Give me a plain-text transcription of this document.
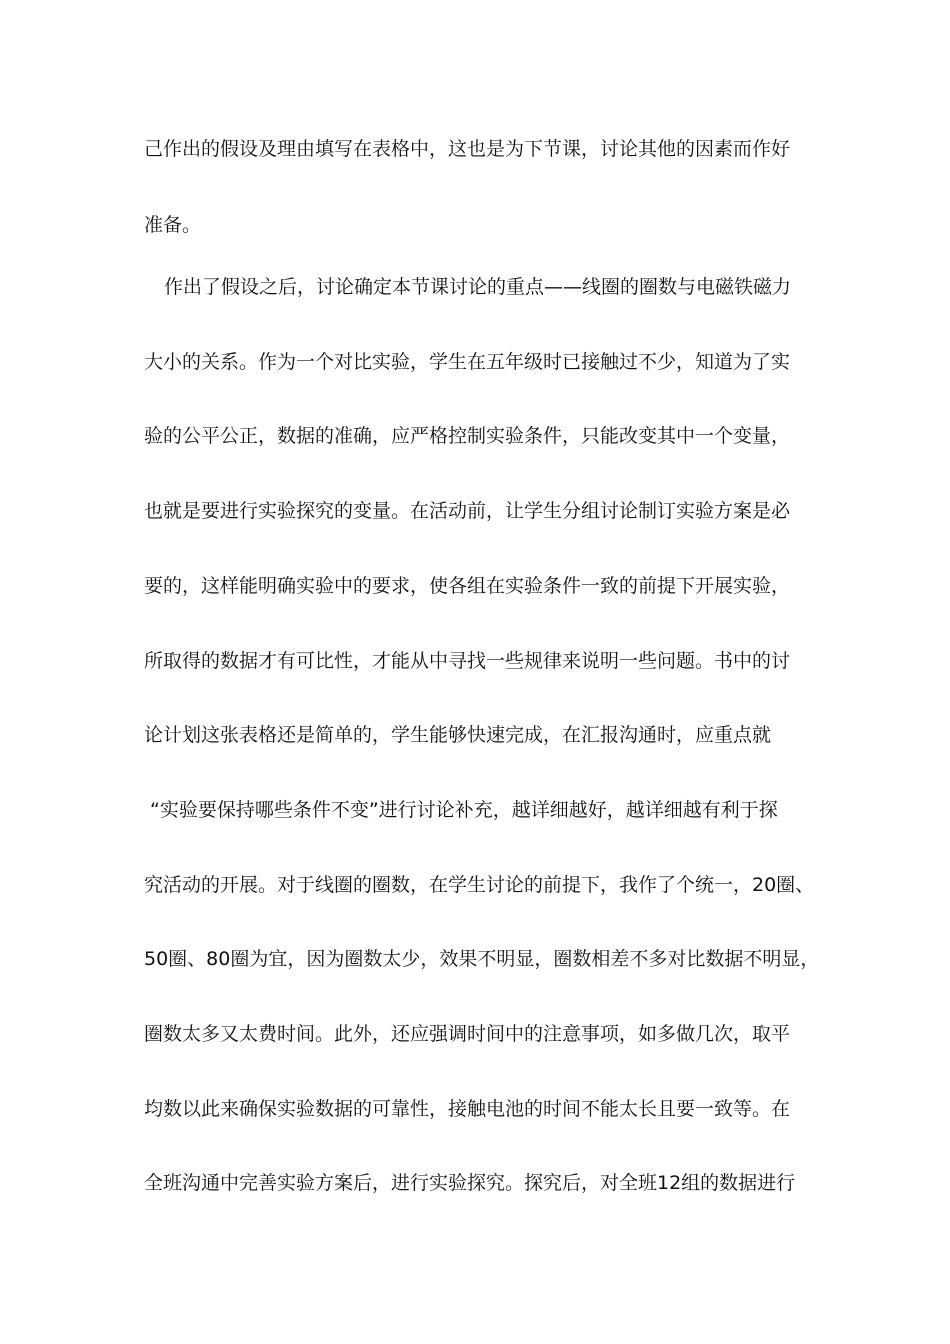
己作出的假设及理由填写在表格中，这也是为下节课，讨论其他的因素而作好
准备。
作出了假设之后，讨论确定本节课讨论的重点——线圈的圈数与电磁铁磁力
大小的关系。作为一个对比实验，学生在五年级时已接触过不少，知道为了实
验的公平公正，数据的准确，应严格控制实验条件，只能改变其中一个变量，
也就是要进行实验探究的变量。在活动前，让学生分组讨论制订实验方案是必
要的，这样能明确实验中的要求，使各组在实验条件一致的前提下开展实验，
所取得的数据才有可比性，才能从中寻找一些规律来说明一些问题。书中的讨
论计划这张表格还是简单的，学生能够快速完成，在汇报沟通时，应重点就
“实验要保持哪些条件不变”进行讨论补充，越详细越好，越详细越有利于探
究活动的开展。对于线圈的圈数，在学生讨论的前提下，我作了个统一，20圈、
50圈、80圈为宜，因为圈数太少，效果不明显，圈数相差不多对比数据不明显，
圈数太多又太费时间。此外，还应强调时间中的注意事项，如多做几次，取平
均数以此来确保实验数据的可靠性，接触电池的时间不能太长且要一致等。在
全班沟通中完善实验方案后，进行实验探究。探究后，对全班12组的数据进行
